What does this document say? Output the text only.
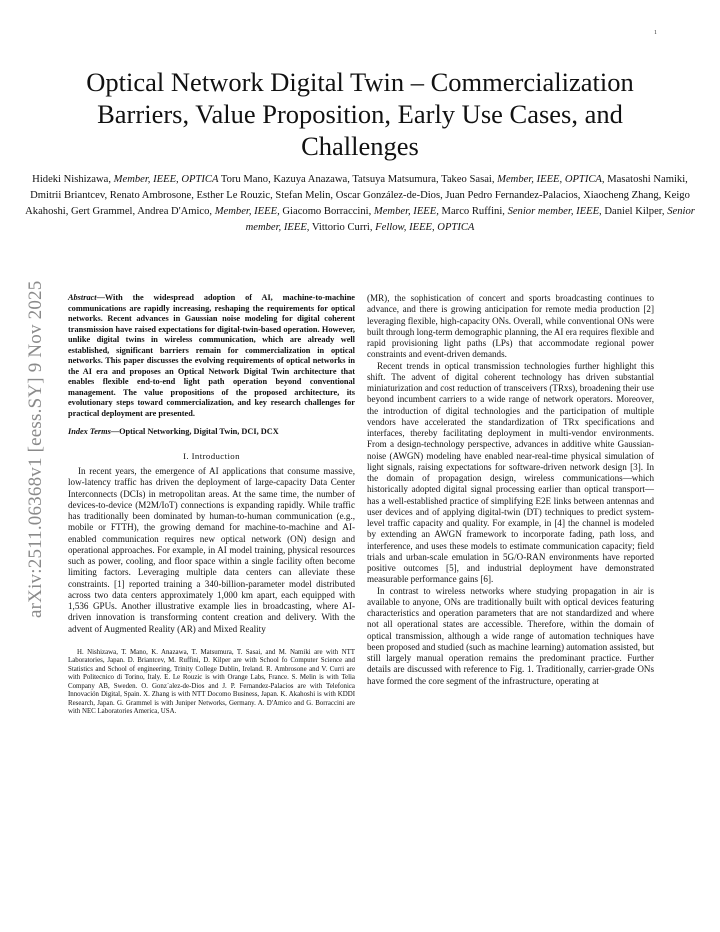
1
arXiv:2511.06368v1 [eess.SY] 9 Nov 2025
Optical Network Digital Twin – Commercialization Barriers, Value Proposition, Early Use Cases, and Challenges
Hideki Nishizawa, Member, IEEE, OPTICA Toru Mano, Kazuya Anazawa, Tatsuya Matsumura, Takeo Sasai, Member, IEEE, OPTICA, Masatoshi Namiki, Dmitrii Briantcev, Renato Ambrosone, Esther Le Rouzic, Stefan Melin, Oscar González-de-Dios, Juan Pedro Fernandez-Palacios, Xiaocheng Zhang, Keigo Akahoshi, Gert Grammel, Andrea D'Amico, Member, IEEE, Giacomo Borraccini, Member, IEEE, Marco Ruffini, Senior member, IEEE, Daniel Kilper, Senior member, IEEE, Vittorio Curri, Fellow, IEEE, OPTICA

Abstract—With the widespread adoption of AI, machine-to-machine communications are rapidly increasing, reshaping the requirements for optical networks. Recent advances in Gaussian noise modeling for digital coherent transmission have raised expectations for digital-twin-based operation. However, unlike digital twins in wireless communication, which are already well established, significant barriers remain for commercialization in optical networks. This paper discusses the evolving requirements of optical networks in the AI era and proposes an Optical Network Digital Twin architecture that enables flexible end-to-end light path operation beyond conventional management. The value propositions of the proposed architecture, its evolutionary steps toward commercialization, and key research challenges for practical deployment are presented.

Index Terms—Optical Networking, Digital Twin, DCI, DCX

I. Introduction

In recent years, the emergence of AI applications that consume massive, low-latency traffic has driven the deployment of large-capacity Data Center Interconnects (DCIs) in metropolitan areas. At the same time, the number of devices-to-device (M2M/IoT) connections is expanding rapidly. While traffic has traditionally been dominated by human-to-human communication (e.g., mobile or FTTH), the growing demand for machine-to-machine and AI-enabled communication requires new optical network (ON) design and operational approaches. For example, in AI model training, physical resources such as power, cooling, and floor space within a single facility often become limiting factors. Leveraging multiple data centers can alleviate these constraints. [1] reported training a 340-billion-parameter model distributed across two data centers approximately 1,000 km apart, each equipped with 1,536 GPUs. Another illustrative example lies in broadcasting, where AI-driven innovation is transforming content creation and delivery. With the advent of Augmented Reality (AR) and Mixed Reality

H. Nishizawa, T. Mano, K. Anazawa, T. Matsumura, T. Sasai, and M. Namiki are with NTT Laboratories, Japan. D. Briantcev, M. Ruffini, D. Kilper are with School fo Computer Science and Statistics and School of engineering, Trinity College Dublin, Ireland. R. Ambrosone and V. Curri are with Politecnico di Torino, Italy. E. Le Rouzic is with Orange Labs, France. S. Melin is with Telia Company AB, Sweden. O. Gonz´alez-de-Dios and J. P. Fernandez-Palacios are with Telefonica Innovación Digital, Spain. X. Zhang is with NTT Docomo Business, Japan. K. Akahoshi is with KDDI Research, Japan. G. Grammel is with Juniper Networks, Germany. A. D'Amico and G. Borraccini are with NEC Laboratories America, USA.

(MR), the sophistication of concert and sports broadcasting continues to advance, and there is growing anticipation for remote media production [2] leveraging flexible, high-capacity ONs. Overall, while conventional ONs were built through long-term demographic planning, the AI era requires flexible and rapid provisioning light paths (LPs) that accommodate regional power constraints and event-driven demands.

Recent trends in optical transmission technologies further highlight this shift. The advent of digital coherent technology has driven substantial miniaturization and cost reduction of transceivers (TRxs), broadening their use beyond incumbent carriers to a wide range of network operators. Moreover, the introduction of digital technologies and the participation of multiple vendors have accelerated the standardization of TRx specifications and interfaces, thereby facilitating deployment in multi-vendor environments. From a design-technology perspective, advances in additive white Gaussian-noise (AWGN) modeling have enabled near-real-time physical simulation of light signals, raising expectations for software-driven network design [3]. In the domain of propagation design, wireless communications—which historically adopted digital signal processing earlier than optical transport—has a well-established practice of simplifying E2E links between antennas and user devices and of applying digital-twin (DT) techniques to predict system-level traffic capacity and quality. For example, in [4] the channel is modeled by extending an AWGN framework to incorporate fading, path loss, and interference, and uses these models to estimate communication capacity; field trials and urban-scale emulation in 5G/O-RAN environments have reported positive outcomes [5], and industrial deployment have demonstrated measurable performance gains [6].

In contrast to wireless networks where studying propagation in air is available to anyone, ONs are traditionally built with optical devices featuring characteristics and operation parameters that are not standardized and where not all operational states are accessible. Therefore, within the domain of optical transmission, although a wide range of automation techniques have been proposed and studied (such as machine learning) automation assisted, but still largely manual operation remains the predominant practice. Further details are discussed with reference to Fig. 1. Traditionally, carrier-grade ONs have formed the core segment of the infrastructure, operating at
